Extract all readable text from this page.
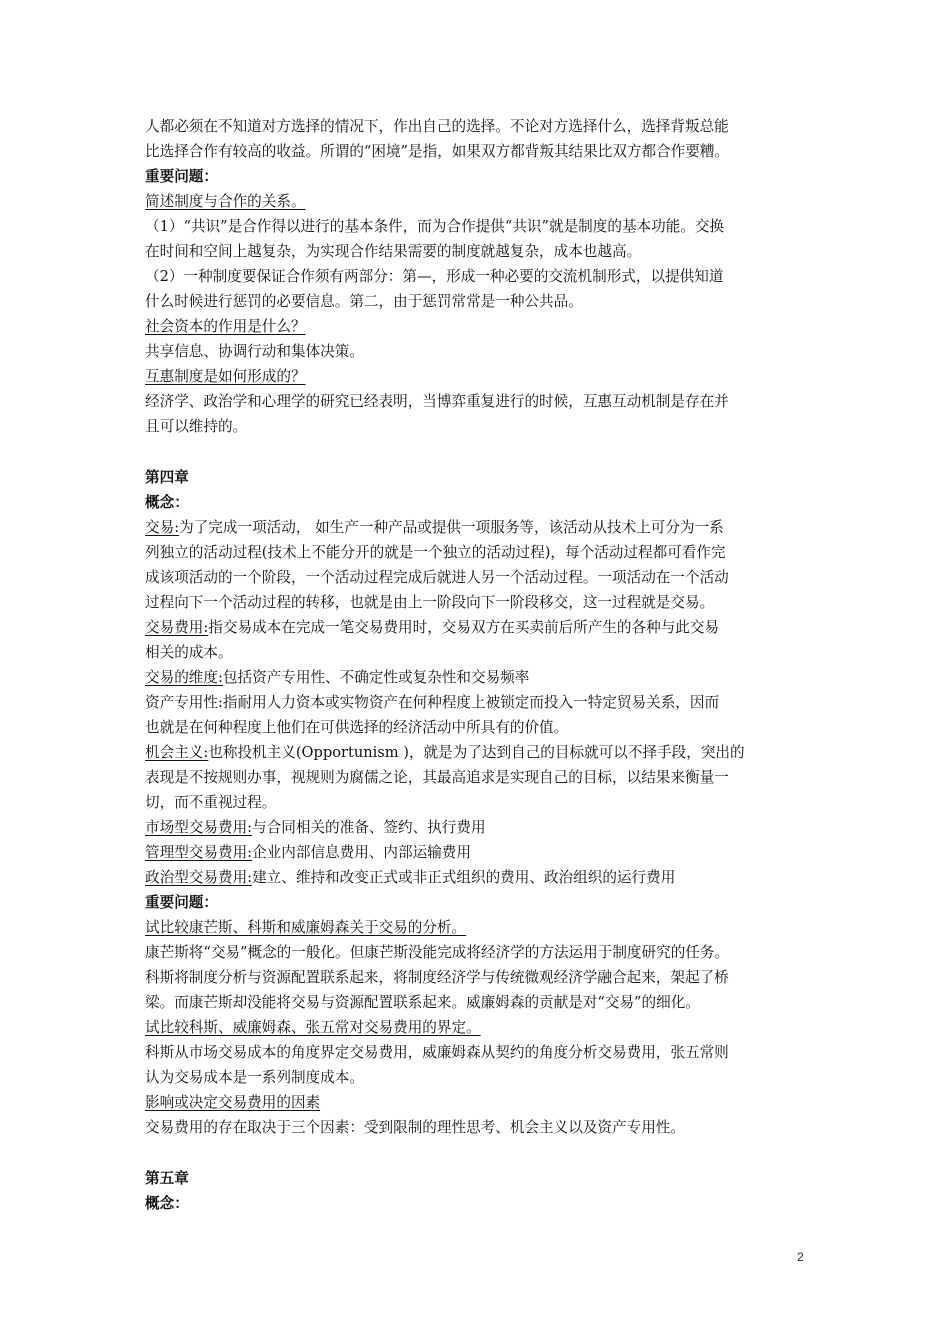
人都必须在不知道对方选择的情况下，作出自己的选择。不论对方选择什么，选择背叛总能
比选择合作有较高的收益。所谓的“困境”是指，如果双方都背叛其结果比双方都合作要糟。
重要问题：
简述制度与合作的关系。
（1）“共识”是合作得以进行的基本条件，而为合作提供“共识”就是制度的基本功能。交换
在时间和空间上越复杂，为实现合作结果需要的制度就越复杂，成本也越高。
（2）一种制度要保证合作须有两部分：第—，形成一种必要的交流机制形式，以提供知道
什么时候进行惩罚的必要信息。第二，由于惩罚常常是一种公共品。
社会资本的作用是什么？
共享信息、协调行动和集体决策。
互惠制度是如何形成的？
经济学、政治学和心理学的研究已经表明，当博弈重复进行的时候，互惠互动机制是存在并
且可以维持的。
第四章
概念：
交易:为了完成一项活动， 如生产一种产品或提供一项服务等，该活动从技术上可分为一系
列独立的活动过程(技术上不能分开的就是一个独立的活动过程)，每个活动过程都可看作完
成该项活动的一个阶段，一个活动过程完成后就进人另一个活动过程。一项活动在一个活动
过程向下一个活动过程的转移，也就是由上一阶段向下一阶段移交，这一过程就是交易。
交易费用:指交易成本在完成一笔交易费用时，交易双方在买卖前后所产生的各种与此交易
相关的成本。
交易的维度:包括资产专用性、不确定性或复杂性和交易频率
资产专用性:指耐用人力资本或实物资产在何种程度上被锁定而投入一特定贸易关系，因而
也就是在何种程度上他们在可供选择的经济活动中所具有的价值。
机会主义:也称投机主义(Opportunism )，就是为了达到自己的目标就可以不择手段，突出的
表现是不按规则办事，视规则为腐儒之论，其最高追求是实现自己的目标，以结果来衡量一
切，而不重视过程。
市场型交易费用:与合同相关的准备、签约、执行费用
管理型交易费用:企业内部信息费用、内部运输费用
政治型交易费用:建立、维持和改变正式或非正式组织的费用、政治组织的运行费用
重要问题：
试比较康芒斯、科斯和威廉姆森关于交易的分析。
康芒斯将“交易”概念的一般化。但康芒斯没能完成将经济学的方法运用于制度研究的任务。
科斯将制度分析与资源配置联系起来，将制度经济学与传统微观经济学融合起来，架起了桥
梁。而康芒斯却没能将交易与资源配置联系起来。威廉姆森的贡献是对“交易”的细化。
试比较科斯、威廉姆森、张五常对交易费用的界定。
科斯从市场交易成本的角度界定交易费用，威廉姆森从契约的角度分析交易费用，张五常则
认为交易成本是一系列制度成本。
影响或决定交易费用的因素
交易费用的存在取决于三个因素：受到限制的理性思考、机会主义以及资产专用性。
第五章
概念：
2
